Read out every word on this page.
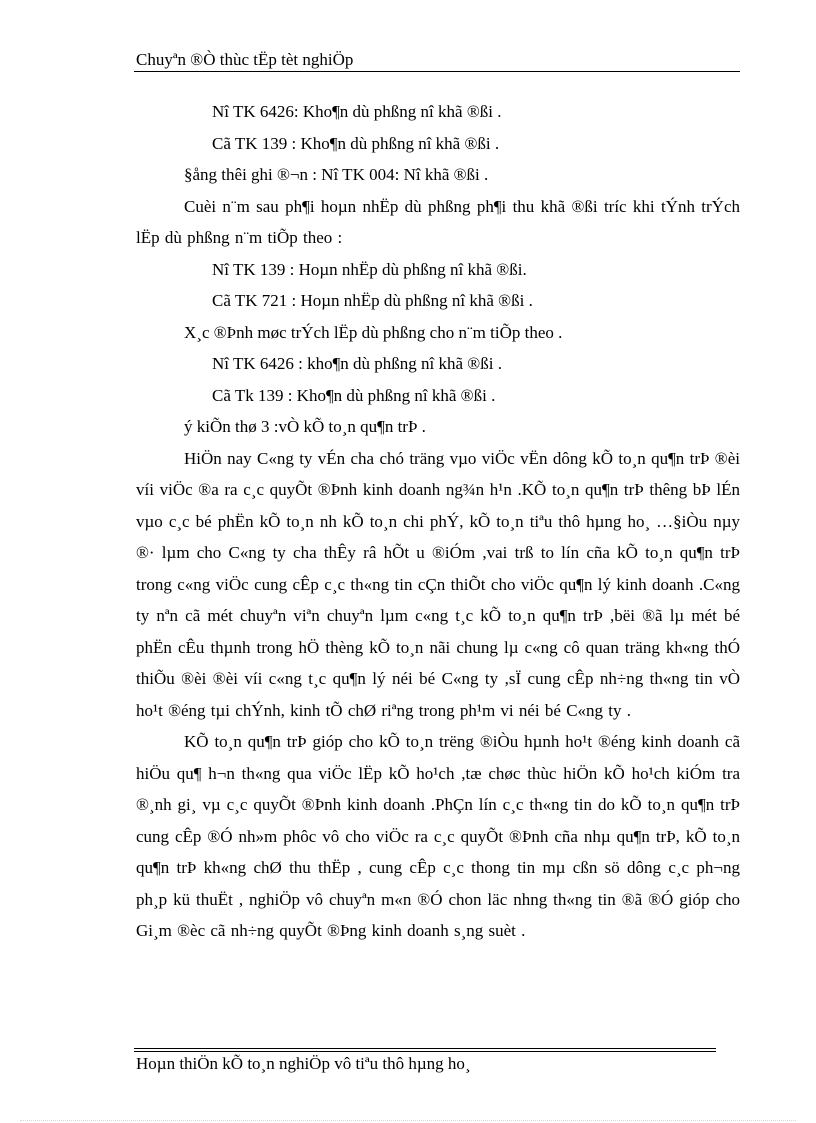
Chuyªn ®Ò thùc tËp tèt nghiÖp

Nî TK 6426: Kho¶n dù phßng nî khã ®ßi .

Cã TK 139 : Kho¶n dù phßng nî khã ®ßi .

§ång thêi ghi ®¬n : Nî TK 004: Nî khã ®ßi .

Cuèi n¨m sau ph¶i hoµn nhËp dù phßng ph¶i thu khã ®ßi tríc khi tÝnh trÝch lËp dù phßng n¨m tiÕp theo :

Nî TK 139 : Hoµn nhËp dù phßng nî khã ®ßi.

Cã TK 721 : Hoµn nhËp dù phßng nî khã ®ßi .

X¸c ®Þnh møc trÝch lËp dù phßng cho n¨m tiÕp theo .

Nî TK 6426 : kho¶n dù phßng nî khã ®ßi .

Cã Tk 139 : Kho¶n dù phßng nî khã ®ßi .

ý kiÕn thø 3 :vÒ kÕ to¸n qu¶n trÞ .

HiÖn nay C«ng ty vÉn cha chó träng vµo viÖc vËn dông kÕ to¸n qu¶n trÞ ®èi víi viÖc ®a ra c¸c quyÕt ®Þnh kinh doanh ng¾n h¹n .KÕ to¸n qu¶n trÞ thêng bÞ lÉn vµo c¸c bé phËn kÕ to¸n nh kÕ to¸n chi phÝ, kÕ to¸n tiªu thô hµng ho¸ …§iÒu nµy ®· lµm cho C«ng ty cha thÊy râ hÕt u ®iÓm ,vai trß to lín cña kÕ to¸n qu¶n trÞ trong c«ng viÖc cung cÊp c¸c th«ng tin cÇn thiÕt cho viÖc qu¶n lý kinh doanh .C«ng ty nªn cã mét chuyªn viªn chuyªn lµm c«ng t¸c kÕ to¸n qu¶n trÞ ,bëi ®ã lµ mét bé phËn cÊu thµnh trong hÖ thèng kÕ to¸n nãi chung lµ c«ng cô quan träng kh«ng thÓ thiÕu ®èi ®èi víi c«ng t¸c qu¶n lý néi bé C«ng ty ,sÏ cung cÊp nh÷ng th«ng tin vÒ ho¹t ®éng tµi chÝnh, kinh tÕ chØ riªng trong ph¹m vi néi bé C«ng ty .

KÕ to¸n qu¶n trÞ gióp cho kÕ to¸n trëng ®iÒu hµnh ho¹t ®éng kinh doanh cã hiÖu qu¶ h¬n th«ng qua viÖc lËp kÕ ho¹ch ,tæ chøc thùc hiÖn kÕ ho¹ch kiÓm tra ®¸nh gi¸ vµ c¸c quyÕt ®Þnh kinh doanh .PhÇn lín c¸c th«ng tin do kÕ to¸n qu¶n trÞ cung cÊp ®Ó nh»m phôc vô cho viÖc ra c¸c quyÕt ®Þnh cña nhµ qu¶n trÞ, kÕ to¸n qu¶n trÞ kh«ng chØ thu thËp , cung cÊp c¸c thong tin mµ cßn sö dông c¸c ph¬ng ph¸p kü thuËt , nghiÖp vô chuyªn m«n ®Ó chon läc nhng th«ng tin ®ã ®Ó gióp cho Gi¸m ®èc cã nh÷ng quyÕt ®Þng kinh doanh s¸ng suèt .

Hoµn thiÖn kÕ to¸n nghiÖp vô tiªu thô hµng ho¸
